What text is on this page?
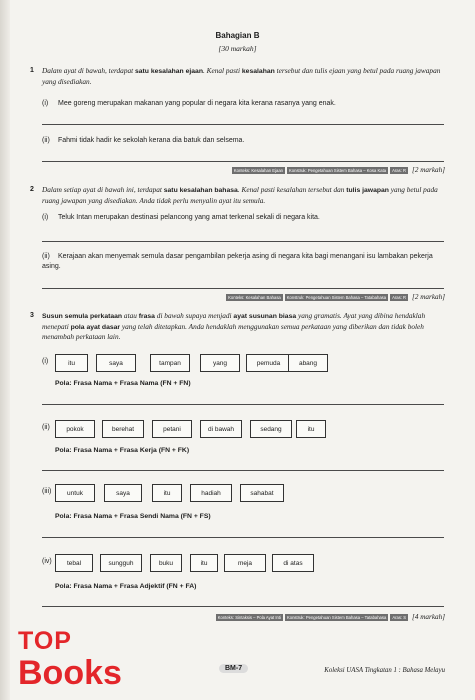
Bahagian B
[30 markah]
1 Dalam ayat di bawah, terdapat satu kesalahan ejaan. Kenal pasti kesalahan tersebut dan tulis ejaan yang betul pada ruang jawapan yang disediakan.
(i) Mee goreng merupakan makanan yang popular di negara kita kerana rasanya yang enak.
(ii) Fahmi tidak hadir ke sekolah kerana dia batuk dan selsema.
Konteks: Kesalahan Ejaan	Konstruk: Pengetahuan Sistem Bahasa – Kosa Kata	Aras: R [2 markah]
2 Dalam setiap ayat di bawah ini, terdapat satu kesalahan bahasa. Kenal pasti kesalahan tersebut dan tulis jawapan yang betul pada ruang jawapan yang disediakan. Anda tidak perlu menyalin ayat itu semula.
(i) Teluk Intan merupakan destinasi pelancong yang amat terkenal sekali di negara kita.
(ii) Kerajaan akan menyemak semula dasar pengambilan pekerja asing di negara kita bagi menangani isu lambakan pekerja asing.
Konteks: Kesalahan Bahasa	Konstruk: Pengetahuan Sistem Bahasa – Tatabahasa	Aras: R [2 markah]
3 Susun semula perkataan atau frasa di bawah supaya menjadi ayat susunan biasa yang gramatis. Ayat yang dibina hendaklah menepati pola ayat dasar yang telah ditetapkan. Anda hendaklah menggunakan semua perkataan yang diberikan dan tidak boleh menambah perkataan lain.
(i)	itu	saya	tampan	yang	pemuda	abang
Pola: Frasa Nama + Frasa Nama (FN + FN)
(ii)	pokok	berehat	petani	di bawah	sedang	itu
Pola: Frasa Nama + Frasa Kerja (FN + FK)
(iii)	untuk	saya	itu	hadiah	sahabat
Pola: Frasa Nama + Frasa Sendi Nama (FN + FS)
(iv)	tebal	sungguh	buku	itu	meja	di atas
Pola: Frasa Nama + Frasa Adjektif (FN + FA)
Konteks: Sintaksis – Pola Ayat Inti	Konstruk: Pengetahuan Sistem Bahasa – Tatabahasa	Aras: S [4 markah]
TOP
Books	BM-7	Koleksi UASA Tingkatan 1 : Bahasa Melayu
